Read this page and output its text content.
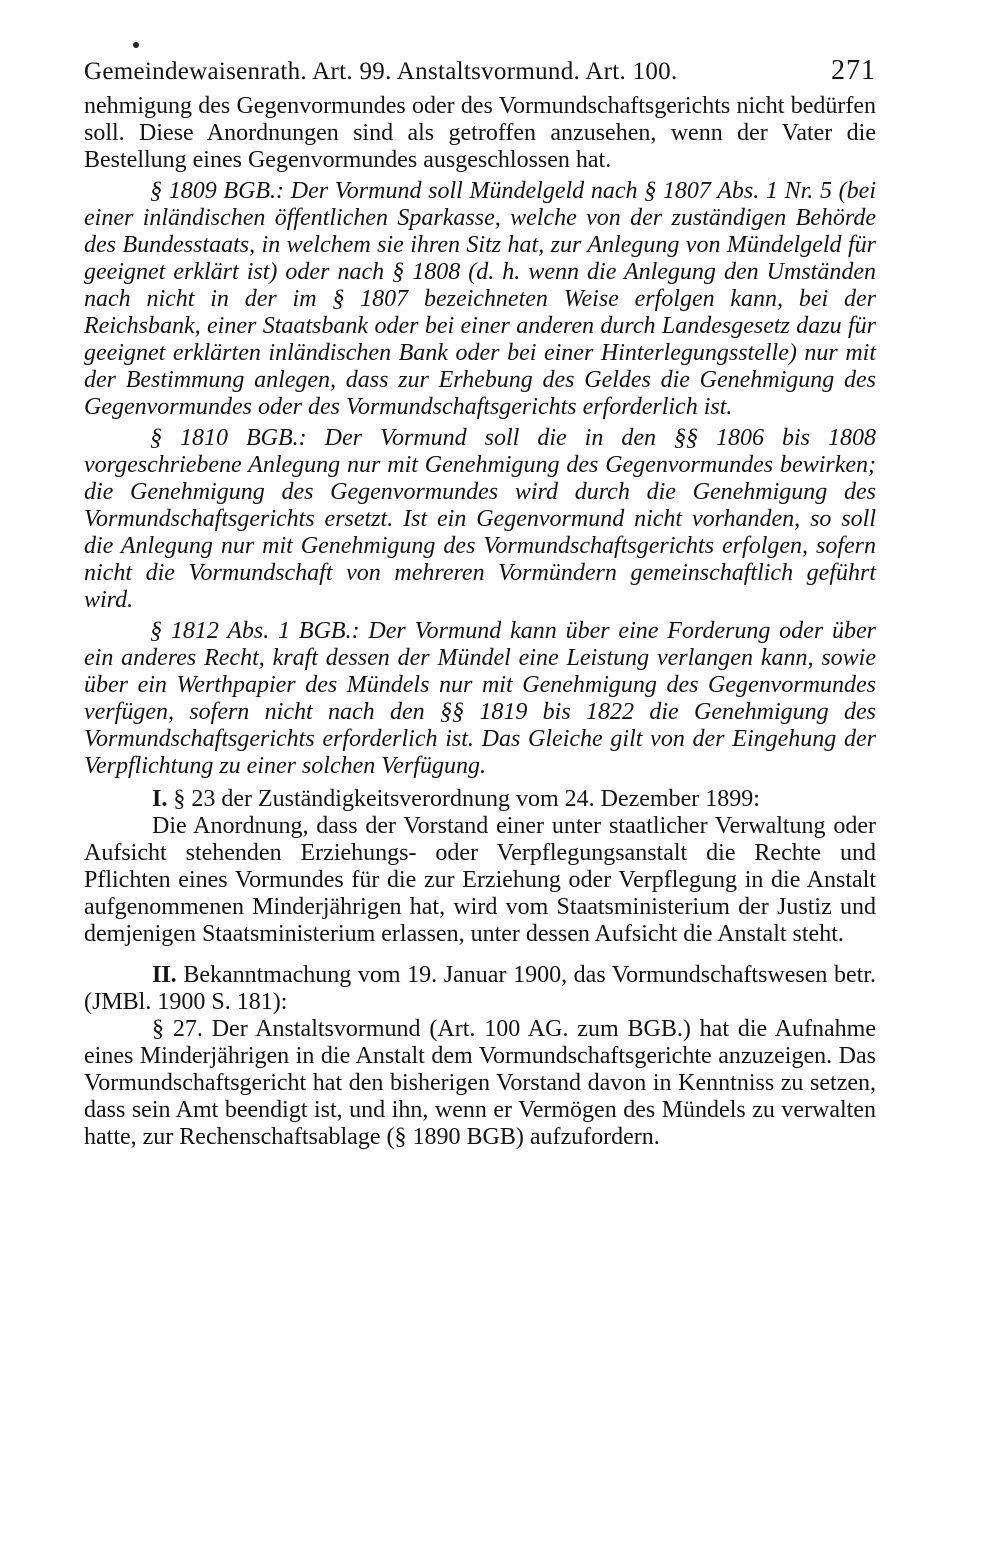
Gemeindewaisenrath. Art. 99. Anstaltsvormund. Art. 100.	271

nehmigung des Gegenvormundes oder des Vormundschaftsgerichts nicht bedürfen soll. Diese Anordnungen sind als getroffen anzusehen, wenn der Vater die Bestellung eines Gegenvormundes ausgeschlossen hat.

§ 1809 BGB.: Der Vormund soll Mündelgeld nach § 1807 Abs. 1 Nr. 5 (bei einer inländischen öffentlichen Sparkasse, welche von der zuständigen Behörde des Bundesstaats, in welchem sie ihren Sitz hat, zur Anlegung von Mündelgeld für geeignet erklärt ist) oder nach § 1808 (d. h. wenn die Anlegung den Umständen nach nicht in der im § 1807 bezeichneten Weise erfolgen kann, bei der Reichsbank, einer Staatsbank oder bei einer anderen durch Landesgesetz dazu für geeignet erklärten inländischen Bank oder bei einer Hinterlegungsstelle) nur mit der Bestimmung anlegen, dass zur Erhebung des Geldes die Genehmigung des Gegenvormundes oder des Vormundschaftsgerichts erforderlich ist.

§ 1810 BGB.: Der Vormund soll die in den §§ 1806 bis 1808 vorgeschriebene Anlegung nur mit Genehmigung des Gegenvormundes bewirken; die Genehmigung des Gegenvormundes wird durch die Genehmigung des Vormundschaftsgerichts ersetzt. Ist ein Gegenvormund nicht vorhanden, so soll die Anlegung nur mit Genehmigung des Vormundschaftsgerichts erfolgen, sofern nicht die Vormundschaft von mehreren Vormündern gemeinschaftlich geführt wird.

§ 1812 Abs. 1 BGB.: Der Vormund kann über eine Forderung oder über ein anderes Recht, kraft dessen der Mündel eine Leistung verlangen kann, sowie über ein Werthpapier des Mündels nur mit Genehmigung des Gegenvormundes verfügen, sofern nicht nach den §§ 1819 bis 1822 die Genehmigung des Vormundschaftsgerichts erforderlich ist. Das Gleiche gilt von der Eingehung der Verpflichtung zu einer solchen Verfügung.

I. § 23 der Zuständigkeitsverordnung vom 24. Dezember 1899:

Die Anordnung, dass der Vorstand einer unter staatlicher Verwaltung oder Aufsicht stehenden Erziehungs- oder Verpflegungsanstalt die Rechte und Pflichten eines Vormundes für die zur Erziehung oder Verpflegung in die Anstalt aufgenommenen Minderjährigen hat, wird vom Staatsministerium der Justiz und demjenigen Staatsministerium erlassen, unter dessen Aufsicht die Anstalt steht.

II. Bekanntmachung vom 19. Januar 1900, das Vormundschaftswesen betr. (JMBl. 1900 S. 181):

§ 27. Der Anstaltsvormund (Art. 100 AG. zum BGB.) hat die Aufnahme eines Minderjährigen in die Anstalt dem Vormundschaftsgerichte anzuzeigen. Das Vormundschaftsgericht hat den bisherigen Vorstand davon in Kenntniss zu setzen, dass sein Amt beendigt ist, und ihn, wenn er Vermögen des Mündels zu verwalten hatte, zur Rechenschaftsablage (§ 1890 BGB) aufzufordern.
